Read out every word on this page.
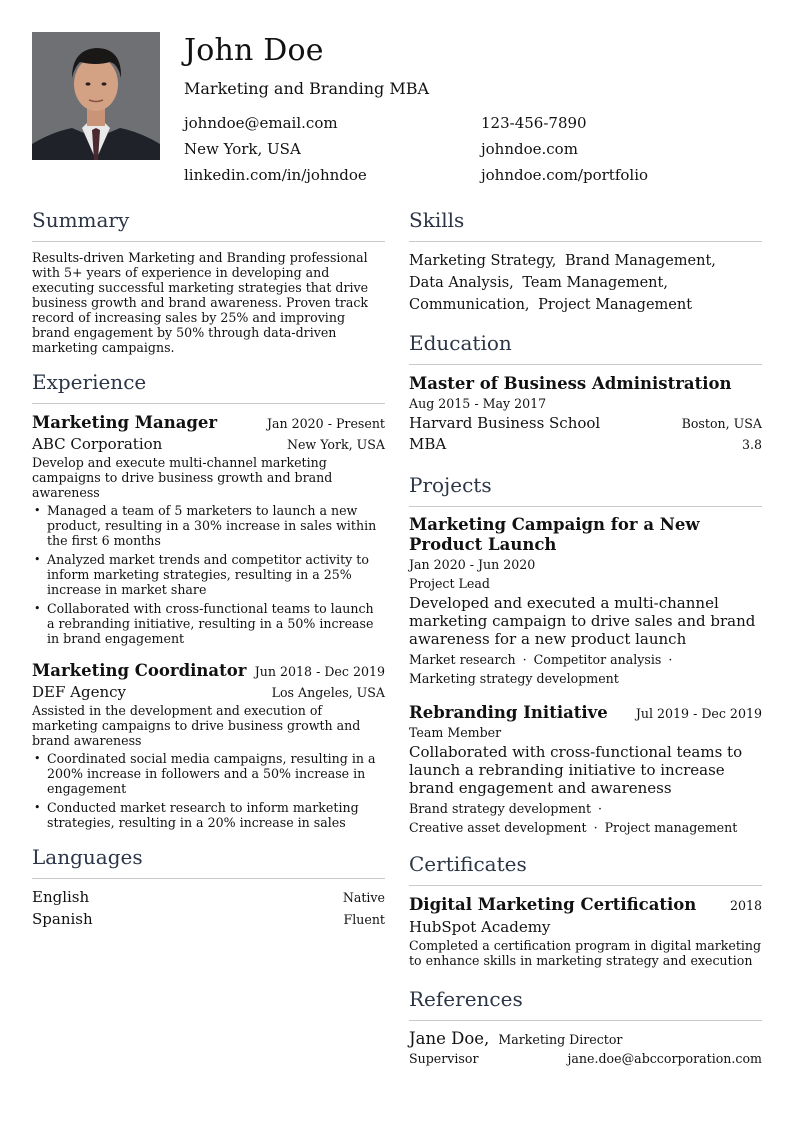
John Doe
Marketing and Branding MBA
johndoe@email.com	123-456-7890
New York, USA	johndoe.com
linkedin.com/in/johndoe	johndoe.com/portfolio
Summary
Results-driven Marketing and Branding professional with 5+ years of experience in developing and executing successful marketing strategies that drive business growth and brand awareness. Proven track record of increasing sales by 25% and improving brand engagement by 50% through data-driven marketing campaigns.
Experience
Marketing Manager	Jan 2020 - Present
ABC Corporation	New York, USA
Develop and execute multi-channel marketing campaigns to drive business growth and brand awareness
• Managed a team of 5 marketers to launch a new product, resulting in a 30% increase in sales within the first 6 months
• Analyzed market trends and competitor activity to inform marketing strategies, resulting in a 25% increase in market share
• Collaborated with cross-functional teams to launch a rebranding initiative, resulting in a 50% increase in brand engagement
Marketing Coordinator Jun 2018 - Dec 2019
DEF Agency	Los Angeles, USA
Assisted in the development and execution of marketing campaigns to drive business growth and brand awareness
• Coordinated social media campaigns, resulting in a 200% increase in followers and a 50% increase in engagement
• Conducted market research to inform marketing strategies, resulting in a 20% increase in sales
Languages
English	Native
Spanish	Fluent
Skills
Marketing Strategy, Brand Management,
Data Analysis, Team Management,
Communication, Project Management
Education
Master of Business Administration
Aug 2015 - May 2017
Harvard Business School	Boston, USA
MBA	3.8
Projects
Marketing Campaign for a New Product Launch
Jan 2020 - Jun 2020
Project Lead
Developed and executed a multi-channel marketing campaign to drive sales and brand awareness for a new product launch
Market research · Competitor analysis ·
Marketing strategy development
Rebranding Initiative Jul 2019 - Dec 2019
Team Member
Collaborated with cross-functional teams to launch a rebranding initiative to increase brand engagement and awareness
Brand strategy development ·
Creative asset development · Project management
Certificates
Digital Marketing Certification	2018
HubSpot Academy
Completed a certification program in digital marketing to enhance skills in marketing strategy and execution
References
Jane Doe, Marketing Director
Supervisor	jane.doe@abccorporation.com
